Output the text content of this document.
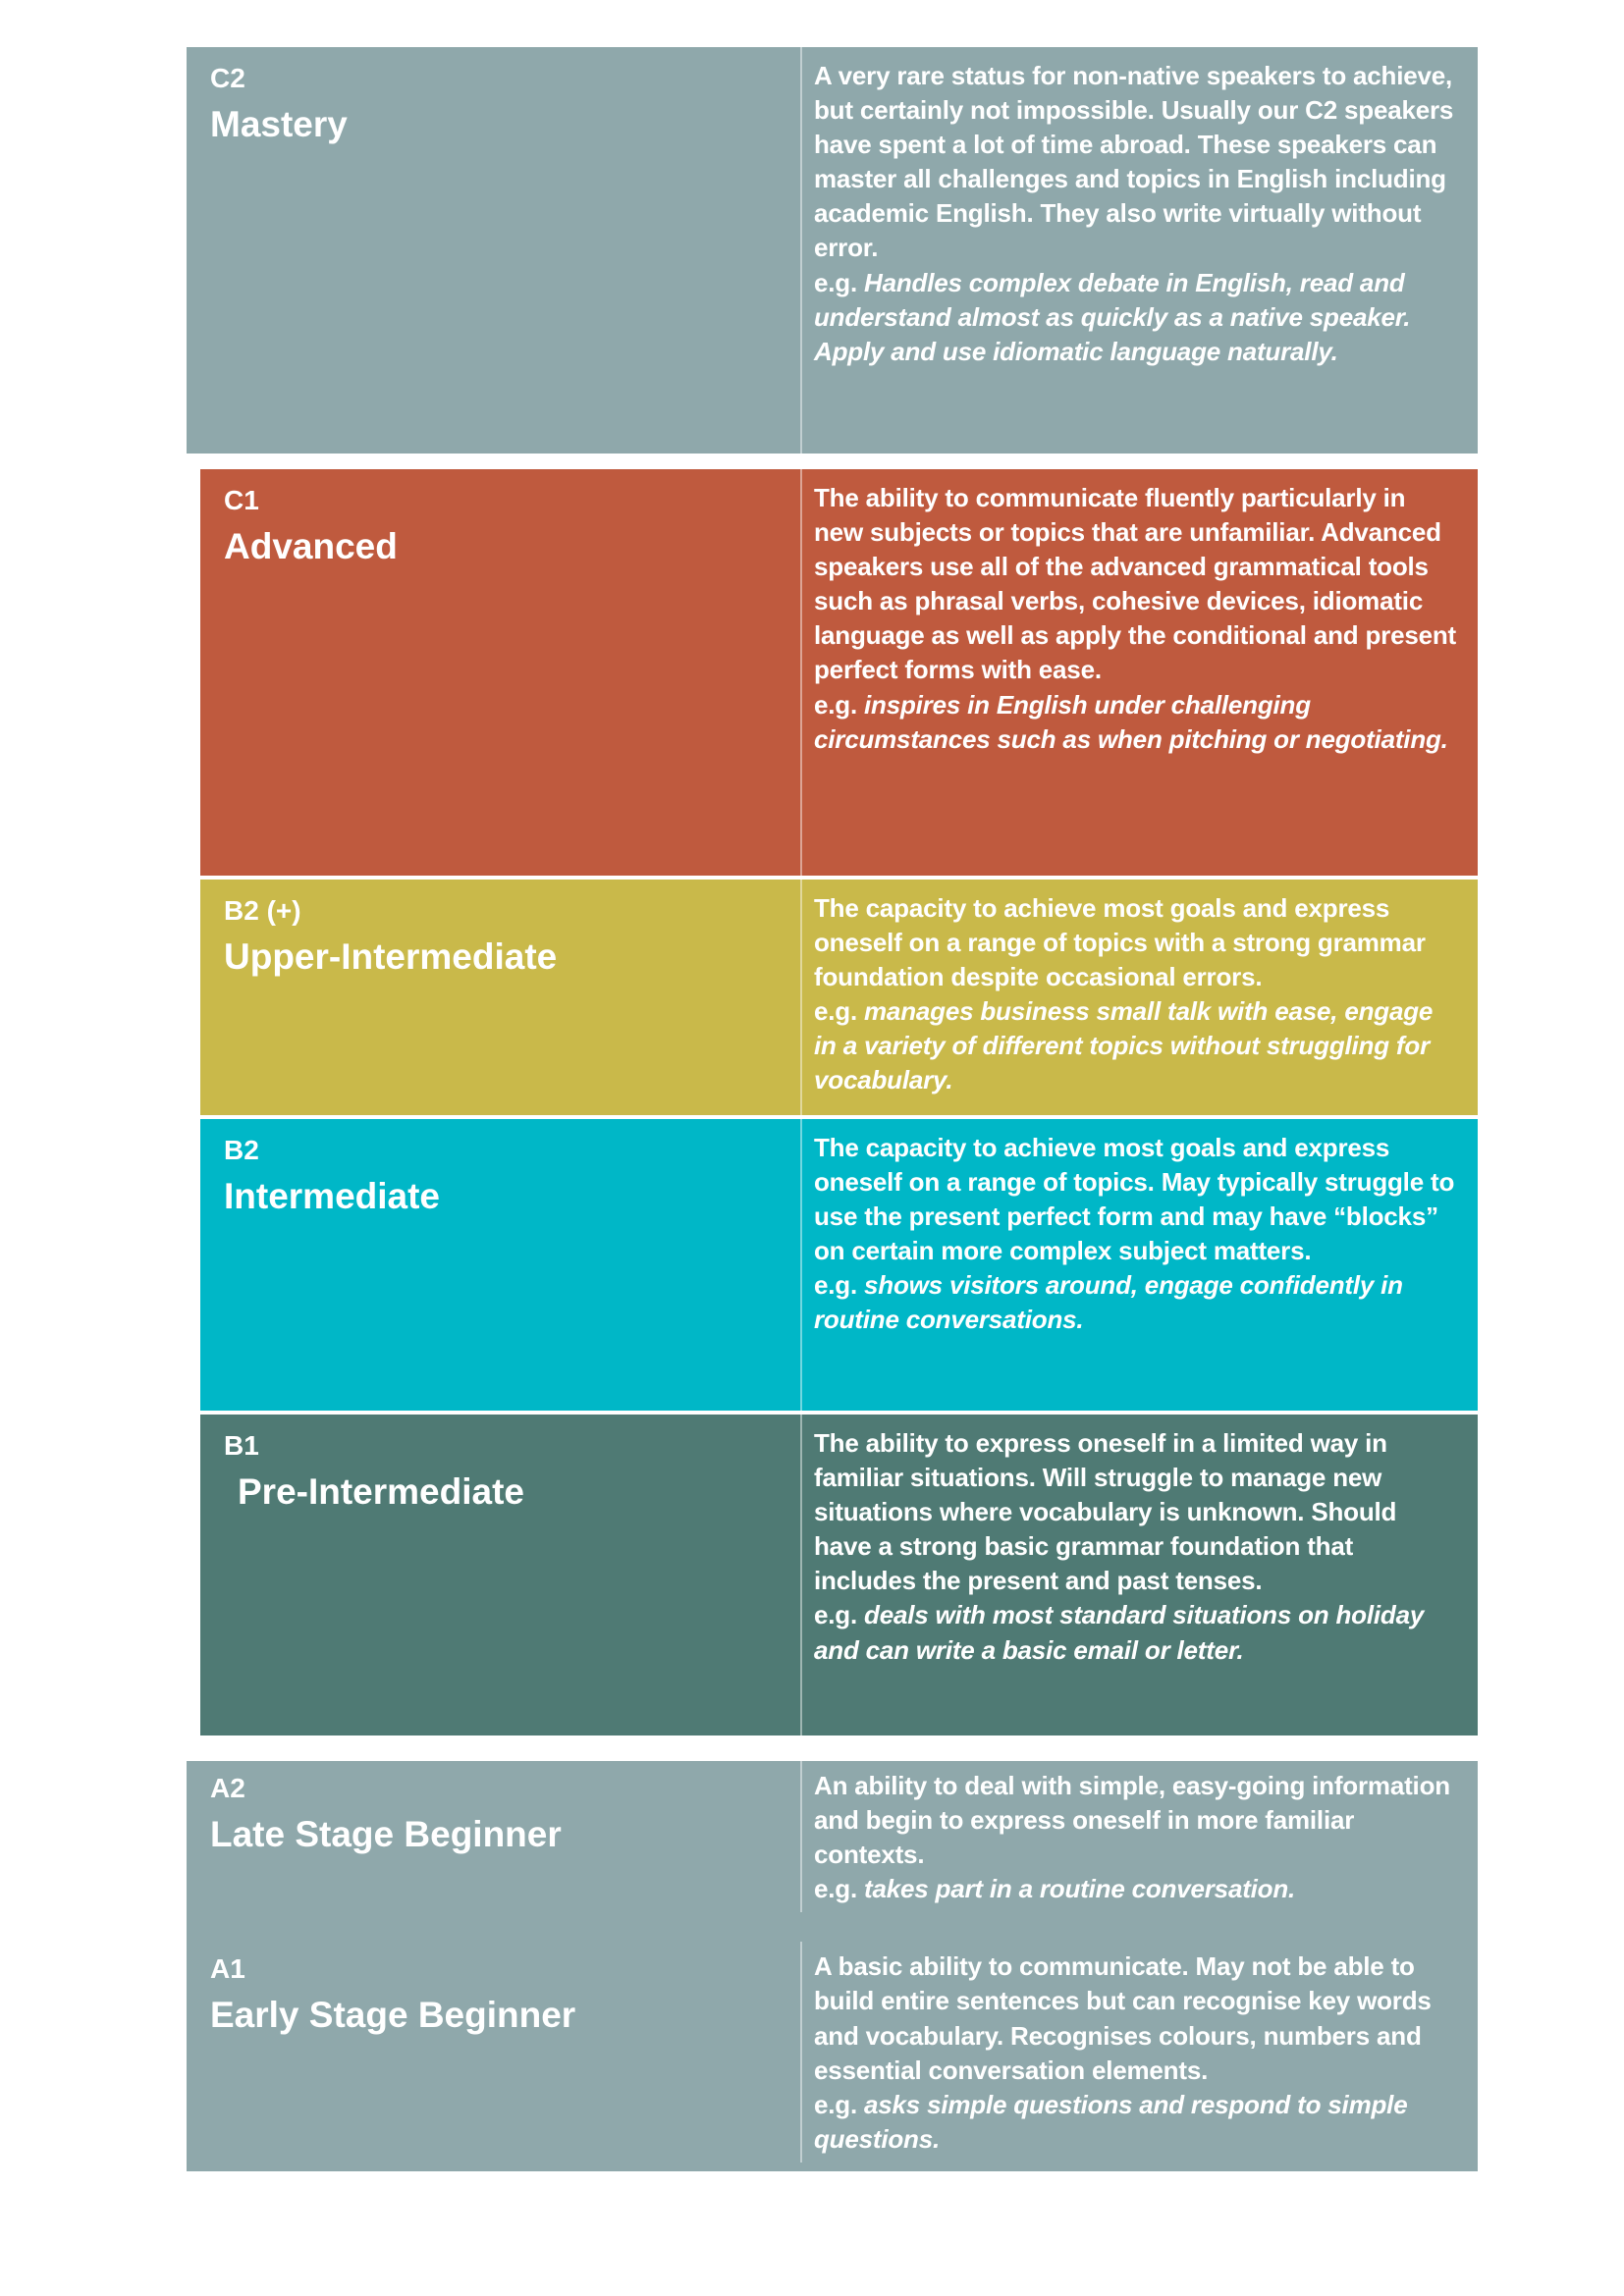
C2
Mastery

A very rare status for non-native speakers to achieve, but certainly not impossible. Usually our C2 speakers have spent a lot of time abroad. These speakers can master all challenges and topics in English including academic English. They also write virtually without error.

e.g. Handles complex debate in English, read and understand almost as quickly as a native speaker. Apply and use idiomatic language naturally.

C1
Advanced

The ability to communicate fluently particularly in new subjects or topics that are unfamiliar. Advanced speakers use all of the advanced grammatical tools such as phrasal verbs, cohesive devices, idiomatic language as well as apply the conditional and present perfect forms with ease.

e.g. inspires in English under challenging circumstances such as when pitching or negotiating.

B2 (+)
Upper-Intermediate

The capacity to achieve most goals and express oneself on a range of topics with a strong grammar foundation despite occasional errors.

e.g. manages business small talk with ease, engage in a variety of different topics without struggling for vocabulary.

B2
Intermediate

The capacity to achieve most goals and express oneself on a range of topics. May typically struggle to use the present perfect form and may have “blocks” on certain more complex subject matters.

e.g. shows visitors around, engage confidently in routine conversations.

B1
Pre-Intermediate

The ability to express oneself in a limited way in familiar situations. Will struggle to manage new situations where vocabulary is unknown. Should have a strong basic grammar foundation that includes the present and past tenses.

e.g. deals with most standard situations on holiday and can write a basic email or letter.

A2
Late Stage Beginner

An ability to deal with simple, easy-going information and begin to express oneself in more familiar contexts.

e.g. takes part in a routine conversation.

A1
Early Stage Beginner

A basic ability to communicate. May not be able to build entire sentences but can recognise key words and vocabulary. Recognises colours, numbers and essential conversation elements.

e.g. asks simple questions and respond to simple questions.
